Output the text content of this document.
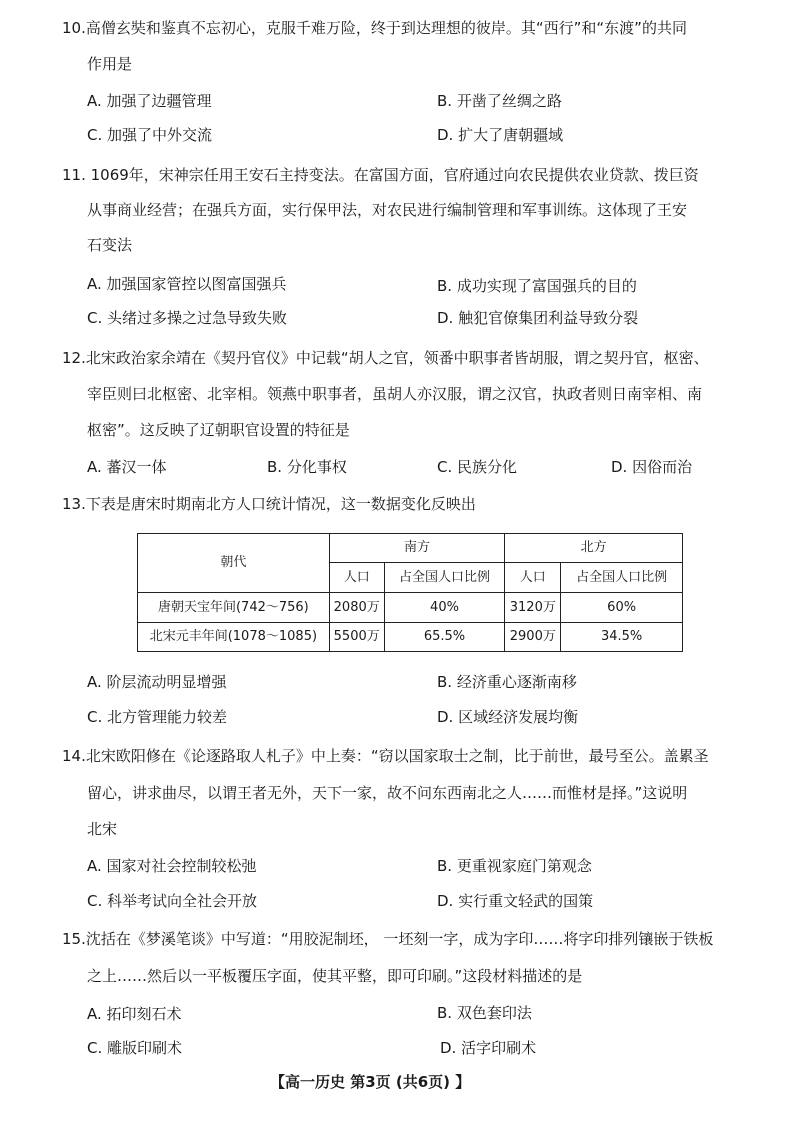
10.高僧玄奘和鉴真不忘初心，克服千难万险，终于到达理想的彼岸。其“西行”和“东渡”的共同
作用是
A. 加强了边疆管理	B. 开凿了丝绸之路
C. 加强了中外交流	D. 扩大了唐朝疆域
11. 1069年，宋神宗任用王安石主持变法。在富国方面，官府通过向农民提供农业贷款、拨巨资
从事商业经营；在强兵方面，实行保甲法，对农民进行编制管理和军事训练。这体现了王安
石变法
A. 加强国家管控以图富国强兵	B. 成功实现了富国强兵的目的
C. 头绪过多操之过急导致失败	D. 触犯官僚集团利益导致分裂
12.北宋政治家余靖在《契丹官仪》中记载“胡人之官，领番中职事者皆胡服，谓之契丹官，枢密、
宰臣则曰北枢密、北宰相。领燕中职事者，虽胡人亦汉服，谓之汉官，执政者则日南宰相、南
枢密”。这反映了辽朝职官设置的特征是
A. 蕃汉一体	B. 分化事权	C. 民族分化	D. 因俗而治
13.下表是唐宋时期南北方人口统计情况，这一数据变化反映出
朝代	南方		北方	
	人口	占全国人口比例	人口	占全国人口比例
唐朝天宝年间(742～756)	2080万	40%	3120万	60%
北宋元丰年间(1078～1085)	5500万	65.5%	2900万	34.5%
A. 阶层流动明显增强	B. 经济重心逐渐南移
C. 北方管理能力较差	D. 区域经济发展均衡
14.北宋欧阳修在《论逐路取人札子》中上奏：“窃以国家取士之制，比于前世，最号至公。盖累圣
留心，讲求曲尽，以谓王者无外，天下一家，故不问东西南北之人……而惟材是择。”这说明
北宋
A. 国家对社会控制较松弛	B. 更重视家庭门第观念
C. 科举考试向全社会开放	D. 实行重文轻武的国策
15.沈括在《梦溪笔谈》中写道：“用胶泥制坯， 一坯刻一字，成为字印……将字印排列镶嵌于铁板
之上……然后以一平板覆压字面，使其平整，即可印刷。”这段材料描述的是
A. 拓印刻石术	B. 双色套印法
C. 雕版印刷术	D. 活字印刷术
【高一历史 第3页 (共6页) 】
